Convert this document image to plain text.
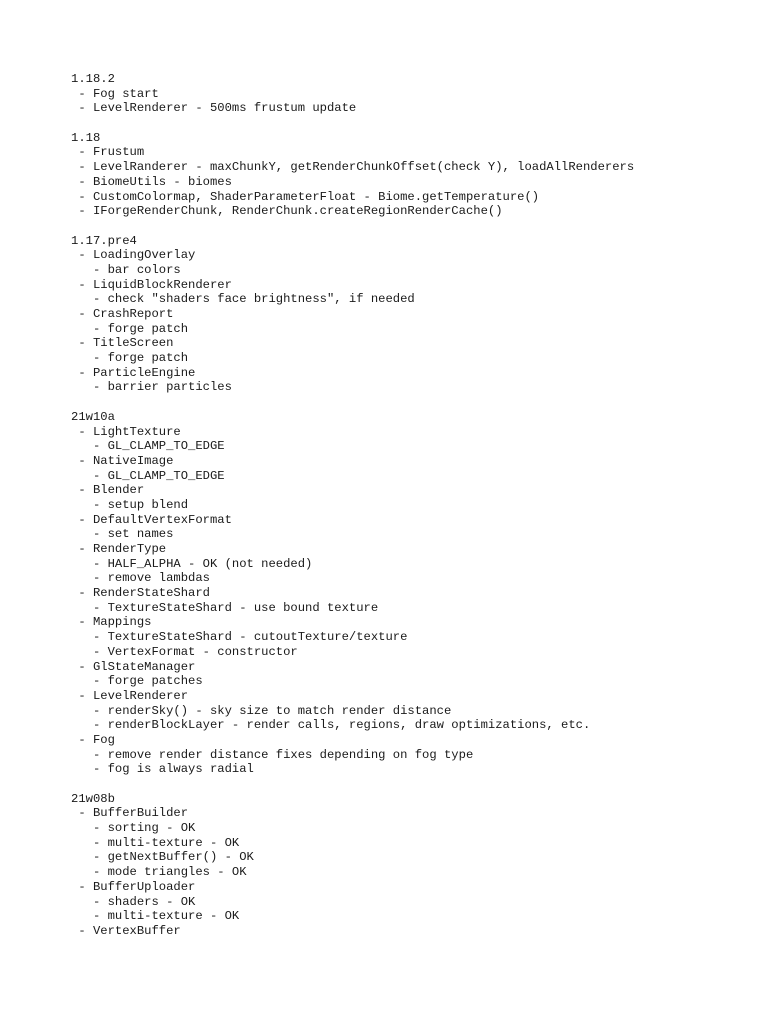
1.18.2
- Fog start
- LevelRenderer - 500ms frustum update
1.18
- Frustum
- LevelRanderer - maxChunkY, getRenderChunkOffset(check Y), loadAllRenderers
- BiomeUtils - biomes
- CustomColormap, ShaderParameterFloat - Biome.getTemperature()
- IForgeRenderChunk, RenderChunk.createRegionRenderCache()
1.17.pre4
- LoadingOverlay
- bar colors
- LiquidBlockRenderer
- check "shaders face brightness", if needed
- CrashReport
- forge patch
- TitleScreen
- forge patch
- ParticleEngine
- barrier particles
21w10a
- LightTexture
- GL_CLAMP_TO_EDGE
- NativeImage
- GL_CLAMP_TO_EDGE
- Blender
- setup blend
- DefaultVertexFormat
- set names
- RenderType
- HALF_ALPHA - OK (not needed)
- remove lambdas
- RenderStateShard
- TextureStateShard - use bound texture
- Mappings
- TextureStateShard - cutoutTexture/texture
- VertexFormat - constructor
- GlStateManager
- forge patches
- LevelRenderer
- renderSky() - sky size to match render distance
- renderBlockLayer - render calls, regions, draw optimizations, etc.
- Fog
- remove render distance fixes depending on fog type
- fog is always radial
21w08b
- BufferBuilder
- sorting - OK
- multi-texture - OK
- getNextBuffer() - OK
- mode triangles - OK
- BufferUploader
- shaders - OK
- multi-texture - OK
- VertexBuffer
